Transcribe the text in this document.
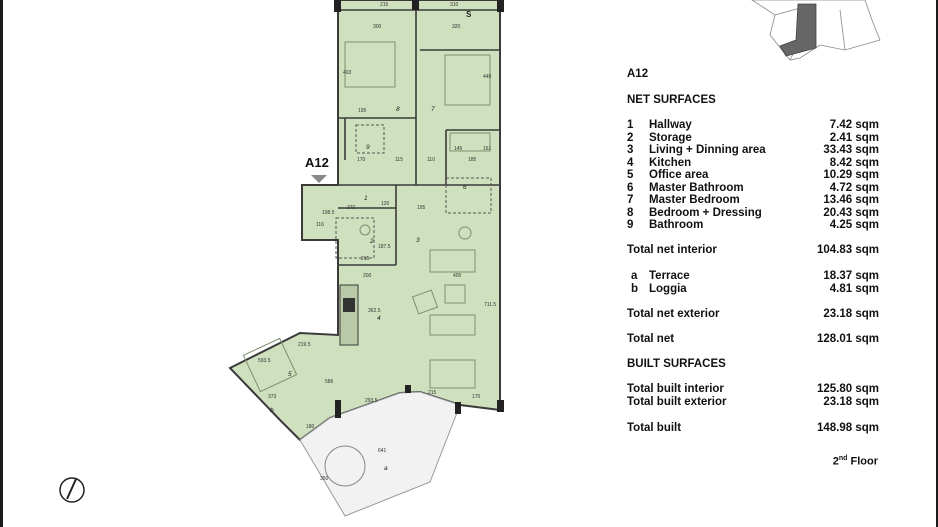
A12
1
2	3
4
5
6
7
8
9
a
b
S
215	310
300	320
403
440
195
115	110	185
170
370	195
116
198.5
120
215
187.5
200	405
362.5
711.5
219.5
593.5
373
586
293.5
215
170
180
641
350
161
145
A12
NET SURFACES
1 Hallway	7.42 sqm
2 Storage	2.41 sqm
3 Living + Dinning area	33.43 sqm
4 Kitchen	8.42 sqm
5 Office area	10.29 sqm
6 Master Bathroom	4.72 sqm
7 Master Bedroom	13.46 sqm
8 Bedroom + Dressing	20.43 sqm
9 Bathroom	4.25 sqm
Total net interior	104.83 sqm
a Terrace	18.37 sqm
b Loggia	4.81 sqm
Total net exterior	23.18 sqm
Total net	128.01 sqm
BUILT SURFACES
Total built interior	125.80 sqm
Total built exterior	23.18 sqm
Total built	148.98 sqm
2nd Floor
